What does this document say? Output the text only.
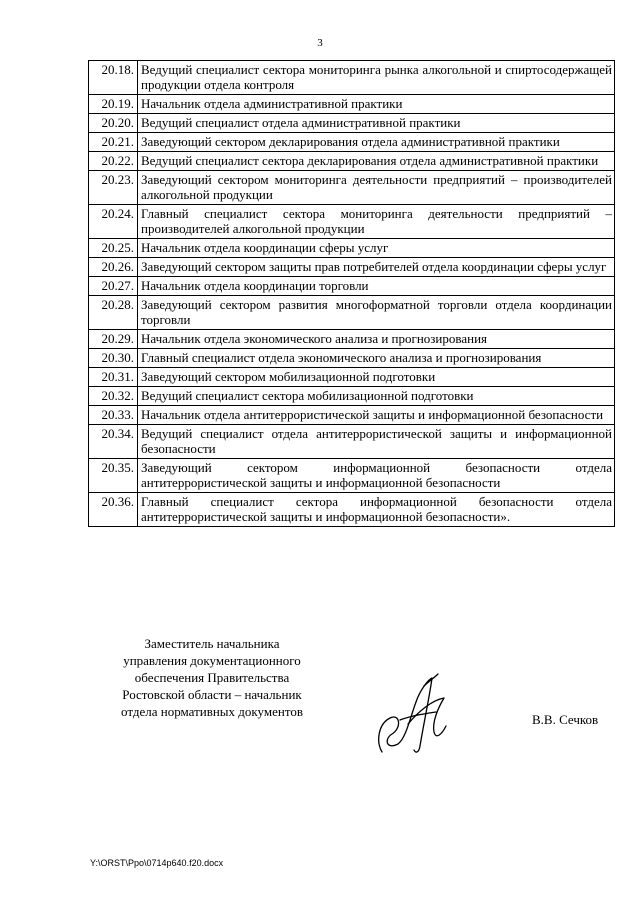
3
20.18.	Ведущий специалист сектора мониторинга рынка алкогольной и спиртосодержащей продукции отдела контроля
20.19.	Начальник отдела административной практики
20.20.	Ведущий специалист отдела административной практики
20.21.	Заведующий сектором декларирования отдела административной практики
20.22.	Ведущий специалист сектора декларирования отдела административной практики
20.23.	Заведующий сектором мониторинга деятельности предприятий – производителей алкогольной продукции
20.24.	Главный специалист сектора мониторинга деятельности предприятий – производителей алкогольной продукции
20.25.	Начальник отдела координации сферы услуг
20.26.	Заведующий сектором защиты прав потребителей отдела координации сферы услуг
20.27.	Начальник отдела координации торговли
20.28.	Заведующий сектором развития многоформатной торговли отдела координации торговли
20.29.	Начальник отдела экономического анализа и прогнозирования
20.30.	Главный специалист отдела экономического анализа и прогнозирования
20.31.	Заведующий сектором мобилизационной подготовки
20.32.	Ведущий специалист сектора мобилизационной подготовки
20.33.	Начальник отдела антитеррористической защиты и информационной безопасности
20.34.	Ведущий специалист отдела антитеррористической защиты и информационной безопасности
20.35.	Заведующий сектором информационной безопасности отдела антитеррористической защиты и информационной безопасности
20.36.	Главный специалист сектора информационной безопасности отдела антитеррористической защиты и информационной безопасности».
Заместитель начальника
управления документационного
обеспечения Правительства
Ростовской области – начальник
отдела нормативных документов
В.В. Сечков
Y:\ORST\Ppo\0714p640.f20.docx
